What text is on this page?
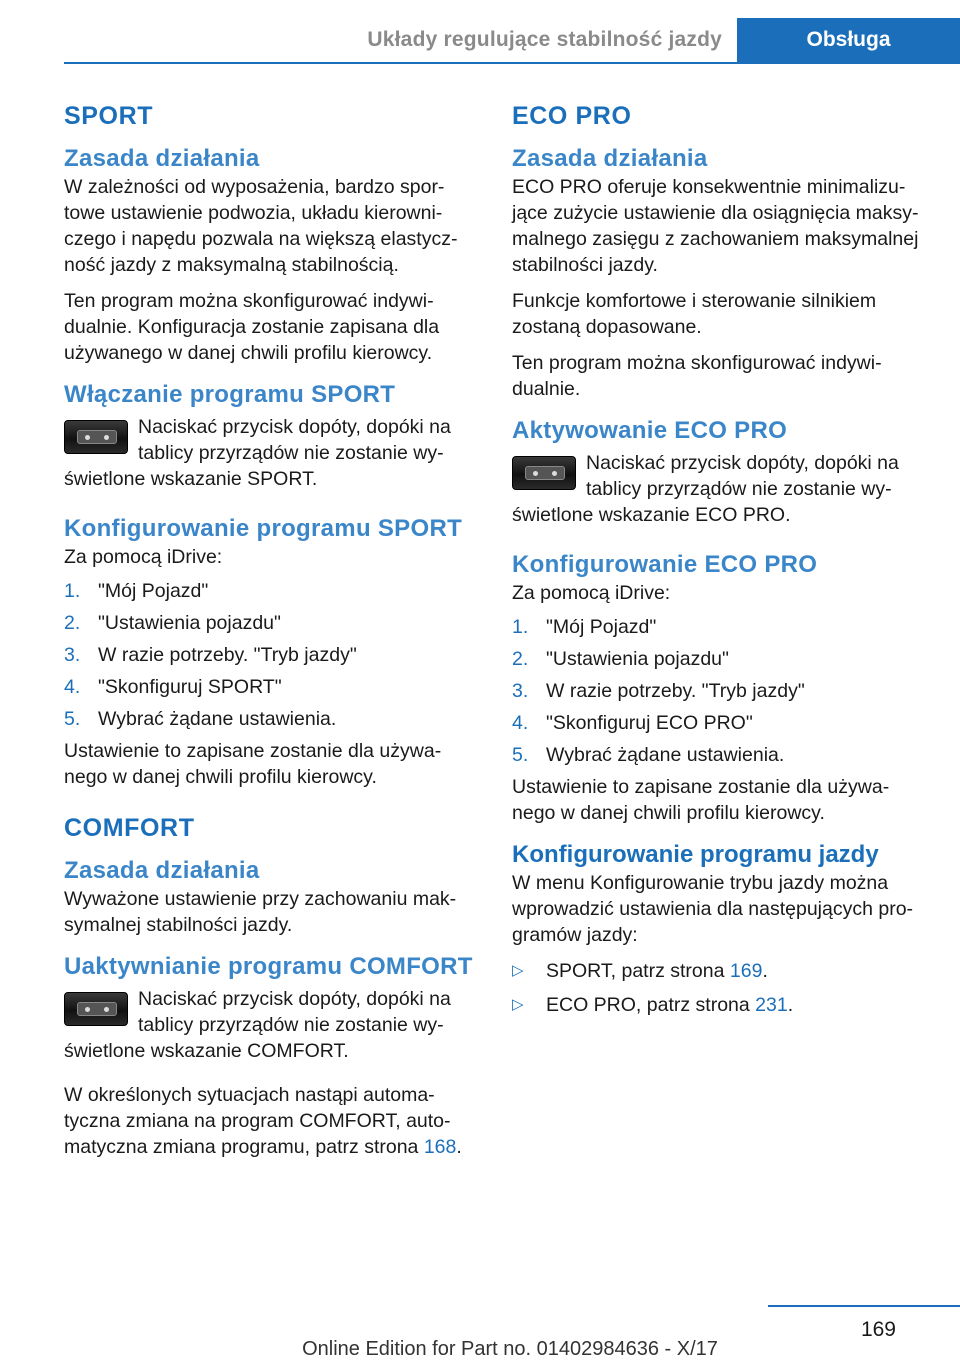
Układy regulujące stabilność jazdy	Obsługa
SPORT
Zasada działania
W zależności od wyposażenia, bardzo spor-towe ustawienie podwozia, układu kierowni-czego i napędu pozwala na większą elastycz-ność jazdy z maksymalną stabilnością.
Ten program można skonfigurować indywi-dualnie. Konfiguracja zostanie zapisana dla używanego w danej chwili profilu kierowcy.
Włączanie programu SPORT
Naciskać przycisk dopóty, dopóki na tablicy przyrządów nie zostanie wy-
świetlone wskazanie SPORT.
Konfigurowanie programu SPORT
Za pomocą iDrive:
1. "Mój Pojazd"
2. "Ustawienia pojazdu"
3. W razie potrzeby. "Tryb jazdy"
4. "Skonfiguruj SPORT"
5. Wybrać żądane ustawienia.
Ustawienie to zapisane zostanie dla używa-nego w danej chwili profilu kierowcy.
COMFORT
Zasada działania
Wyważone ustawienie przy zachowaniu mak-symalnej stabilności jazdy.
Uaktywnianie programu COMFORT
Naciskać przycisk dopóty, dopóki na tablicy przyrządów nie zostanie wy-
świetlone wskazanie COMFORT.
W określonych sytuacjach nastąpi automa-tyczna zmiana na program COMFORT, auto-matyczna zmiana programu, patrz strona 168.
ECO PRO
Zasada działania
ECO PRO oferuje konsekwentnie minimalizu-jące zużycie ustawienie dla osiągnięcia maksy-malnego zasięgu z zachowaniem maksymalnej stabilności jazdy.
Funkcje komfortowe i sterowanie silnikiem zostaną dopasowane.
Ten program można skonfigurować indywi-dualnie.
Aktywowanie ECO PRO
Naciskać przycisk dopóty, dopóki na tablicy przyrządów nie zostanie wy-
świetlone wskazanie ECO PRO.
Konfigurowanie ECO PRO
Za pomocą iDrive:
1. "Mój Pojazd"
2. "Ustawienia pojazdu"
3. W razie potrzeby. "Tryb jazdy"
4. "Skonfiguruj ECO PRO"
5. Wybrać żądane ustawienia.
Ustawienie to zapisane zostanie dla używa-nego w danej chwili profilu kierowcy.
Konfigurowanie programu jazdy
W menu Konfigurowanie trybu jazdy można wprowadzić ustawienia dla następujących pro-gramów jazdy:
▷	SPORT, patrz strona 169.
▷	ECO PRO, patrz strona 231.
169
Online Edition for Part no. 01402984636 - X/17
